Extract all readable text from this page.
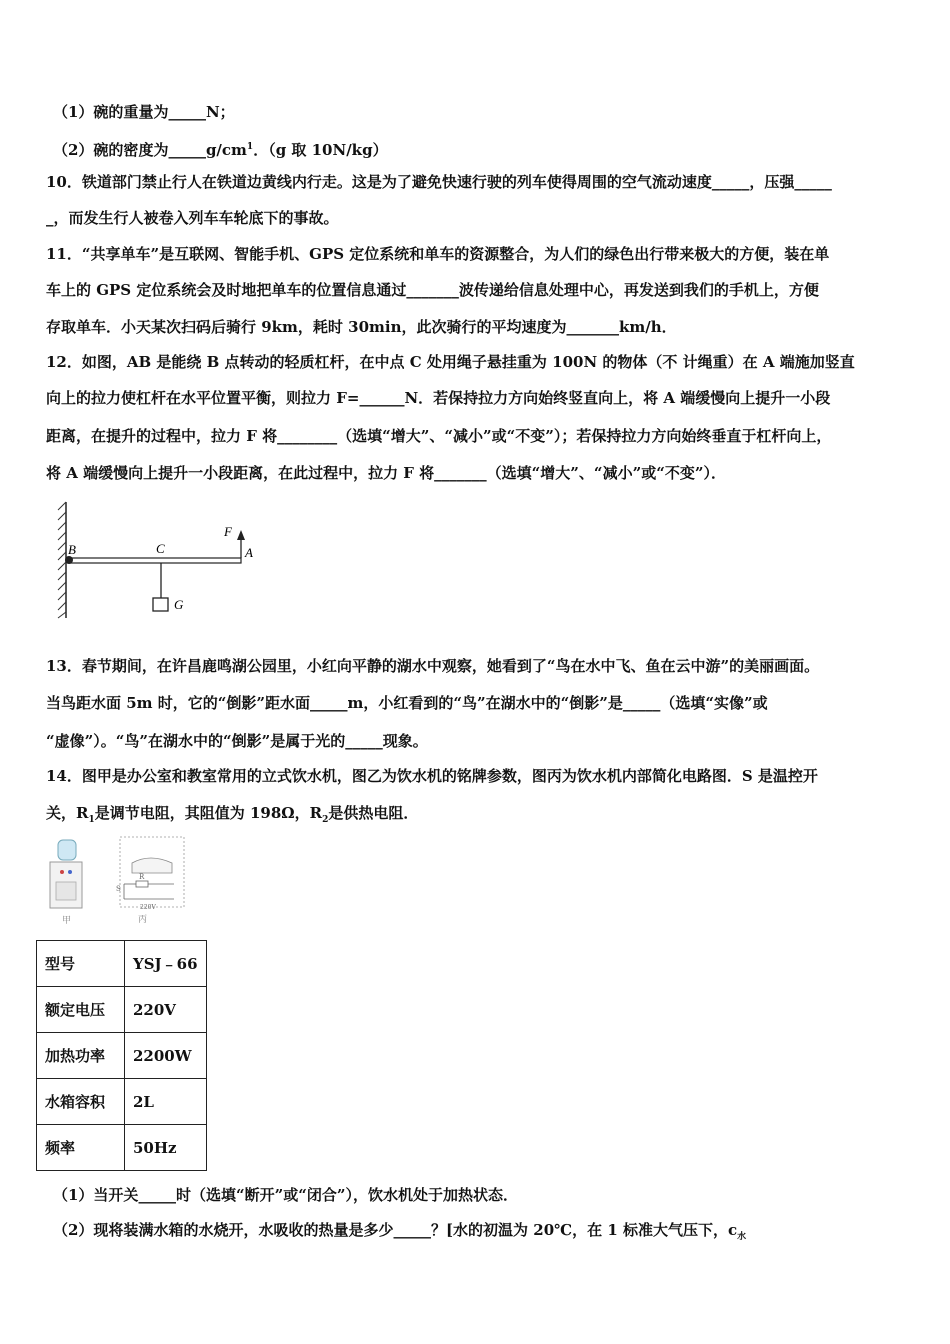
（1）碗的重量为_____N；
（2）碗的密度为$\_\_\_\_\_g/cm^1$．（g 取 10N/kg）
10．铁道部门禁止行人在铁道边黄线内行走。这是为了避免快速行驶的列车使得周围的空气流动速度_____，压强_____
_，而发生行人被卷入列车车轮底下的事故。
11．“共享单车”是互联网、智能手机、GPS 定位系统和单车的资源整合，为人们的绿色出行带来极大的方便，装在单
车上的 GPS 定位系统会及时地把单车的位置信息通过_______波传递给信息处理中心，再发送到我们的手机上，方便
存取单车．小天某次扫码后骑行 9km，耗时 30min，此次骑行的平均速度为_______km/h．
12．如图，AB 是能绕 B 点转动的轻质杠杆，在中点 C 处用绳子悬挂重为 100N 的物体（不 计绳重）在 A 端施加竖直
向上的拉力使杠杆在水平位置平衡，则拉力 F=______N．若保持拉力方向始终竖直向上，将 A 端缓慢向上提升一小段
距离，在提升的过程中，拉力 F 将________（选填“增大”、“减小”或“不变”）；若保持拉力方向始终垂直于杠杆向上，
将 A 端缓慢向上提升一小段距离，在此过程中，拉力 F 将_______（选填“增大”、“减小”或“不变”）．
B	C	A
F
G
13．春节期间，在许昌鹿鸣湖公园里，小红向平静的湖水中观察，她看到了“鸟在水中飞、鱼在云中游”的美丽画面。
当鸟距水面 5m 时，它的“倒影”距水面_____m，小红看到的“鸟”在湖水中的“倒影”是_____（选填“实像”或
“虚像”）。“鸟”在湖水中的“倒影”是属于光的_____现象。
14．图甲是办公室和教室常用的立式饮水机，图乙为饮水机的铭牌参数，图丙为饮水机内部简化电路图．S 是温控开
关，$R_1$是调节电阻，其阻值为 198Ω，$R_2$是供热电阻．
甲
S
R
220V
丙
型号	YSJ﹣66
额定电压	220V
加热功率	2200W
水箱容积	2L
频率	50Hz
（1）当开关_____时（选填“断开”或“闭合”），饮水机处于加热状态．
（2）现将装满水箱的水烧开，水吸收的热量是多少_____？[水的初温为 20℃，在 1 标准大气压下，$c_水$
